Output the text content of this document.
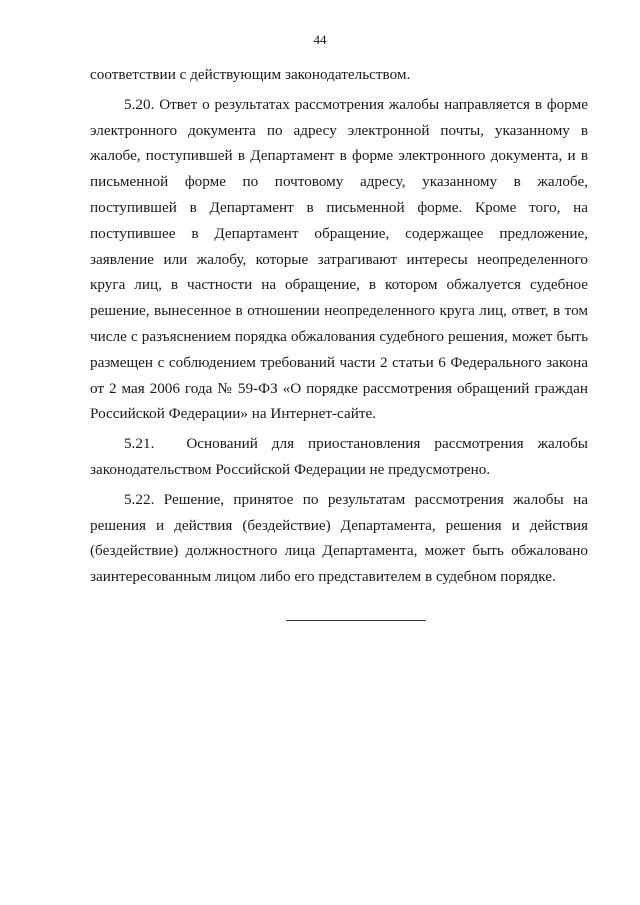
44

соответствии с действующим законодательством.

5.20. Ответ о результатах рассмотрения жалобы направляется в форме электронного документа по адресу электронной почты, указанному в жалобе, поступившей в Департамент в форме электронного документа, и в письменной форме по почтовому адресу, указанному в жалобе, поступившей в Департамент в письменной форме. Кроме того, на поступившее в Департамент обращение, содержащее предложение, заявление или жалобу, которые затрагивают интересы неопределенного круга лиц, в частности на обращение, в котором обжалуется судебное решение, вынесенное в отношении неопределенного круга лиц, ответ, в том числе с разъяснением порядка обжалования судебного решения, может быть размещен с соблюдением требований части 2 статьи 6 Федерального закона от 2 мая 2006 года № 59-ФЗ «О порядке рассмотрения обращений граждан Российской Федерации» на Интернет-сайте.

5.21. Оснований для приостановления рассмотрения жалобы законодательством Российской Федерации не предусмотрено.

5.22. Решение, принятое по результатам рассмотрения жалобы на решения и действия (бездействие) Департамента, решения и действия (бездействие) должностного лица Департамента, может быть обжаловано заинтересованным лицом либо его представителем в судебном порядке.
